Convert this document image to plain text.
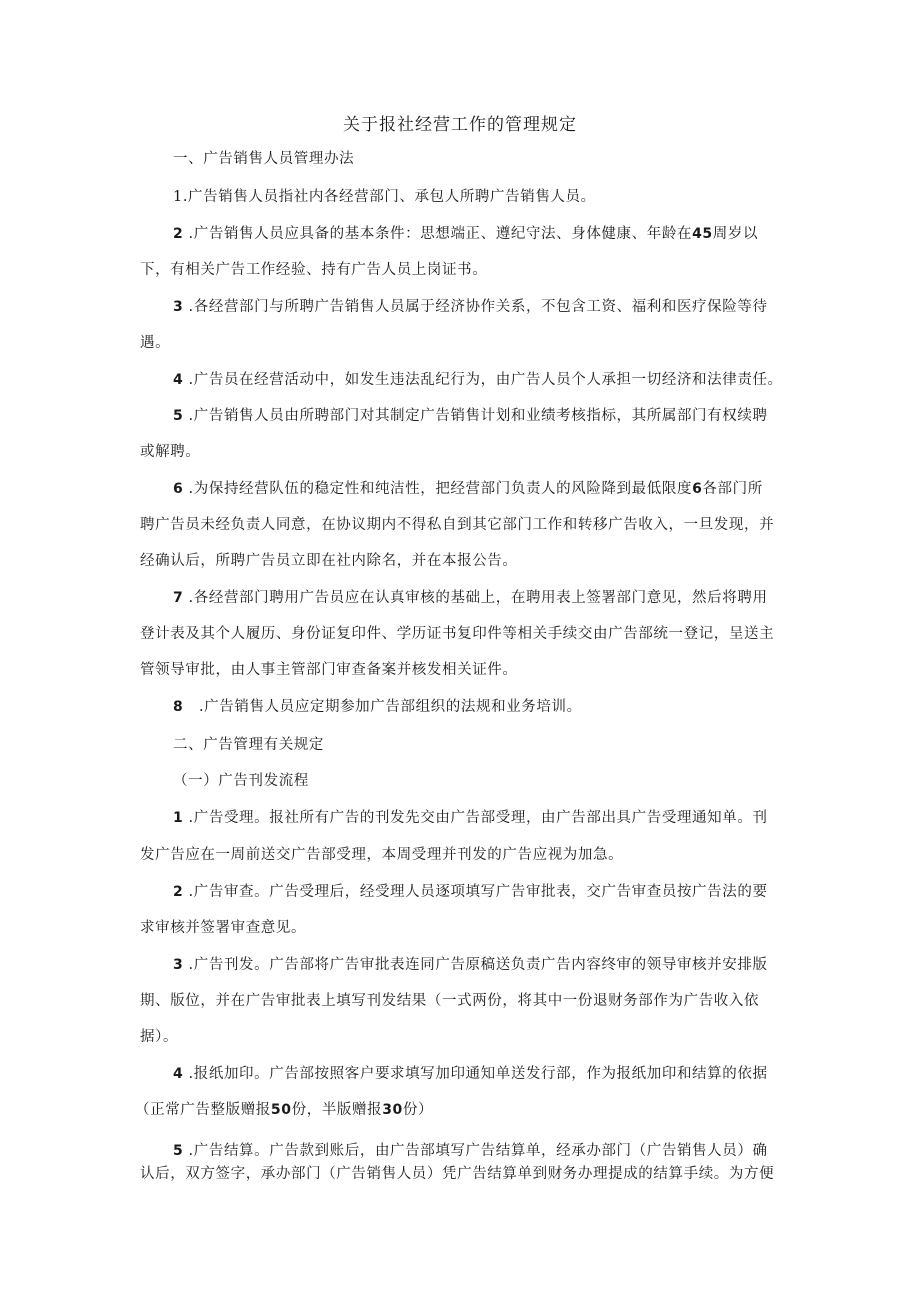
关于报社经营工作的管理规定
一、广告销售人员管理办法
1.广告销售人员指社内各经营部门、承包人所聘广告销售人员。
2 .广告销售人员应具备的基本条件：思想端正、遵纪守法、身体健康、年龄在45周岁以
下，有相关广告工作经验、持有广告人员上岗证书。
3 .各经营部门与所聘广告销售人员属于经济协作关系，不包含工资、福利和医疗保险等待
遇。
4 .广告员在经营活动中，如发生违法乱纪行为，由广告人员个人承担一切经济和法律责任。
5 .广告销售人员由所聘部门对其制定广告销售计划和业绩考核指标，其所属部门有权续聘
或解聘。
6 .为保持经营队伍的稳定性和纯洁性，把经营部门负责人的风险降到最低限度6各部门所
聘广告员未经负责人同意，在协议期内不得私自到其它部门工作和转移广告收入，一旦发现，并
经确认后，所聘广告员立即在社内除名，并在本报公告。
7 .各经营部门聘用广告员应在认真审核的基础上，在聘用表上签署部门意见，然后将聘用
登计表及其个人履历、身份证复印件、学历证书复印件等相关手续交由广告部统一登记，呈送主
管领导审批，由人事主管部门审查备案并核发相关证件。
8   .广告销售人员应定期参加广告部组织的法规和业务培训。
二、广告管理有关规定
（一）广告刊发流程
1 .广告受理。报社所有广告的刊发先交由广告部受理，由广告部出具广告受理通知单。刊
发广告应在一周前送交广告部受理，本周受理并刊发的广告应视为加急。
2 .广告审查。广告受理后，经受理人员逐项填写广告审批表，交广告审查员按广告法的要
求审核并签署审查意见。
3 .广告刊发。广告部将广告审批表连同广告原稿送负责广告内容终审的领导审核并安排版
期、版位，并在广告审批表上填写刊发结果（一式两份，将其中一份退财务部作为广告收入依
据）。
4 .报纸加印。广告部按照客户要求填写加印通知单送发行部，作为报纸加印和结算的依据
（正常广告整版赠报50份，半版赠报30份）
5 .广告结算。广告款到账后，由广告部填写广告结算单，经承办部门（广告销售人员）确
认后，双方签字，承办部门（广告销售人员）凭广告结算单到财务办理提成的结算手续。为方便
